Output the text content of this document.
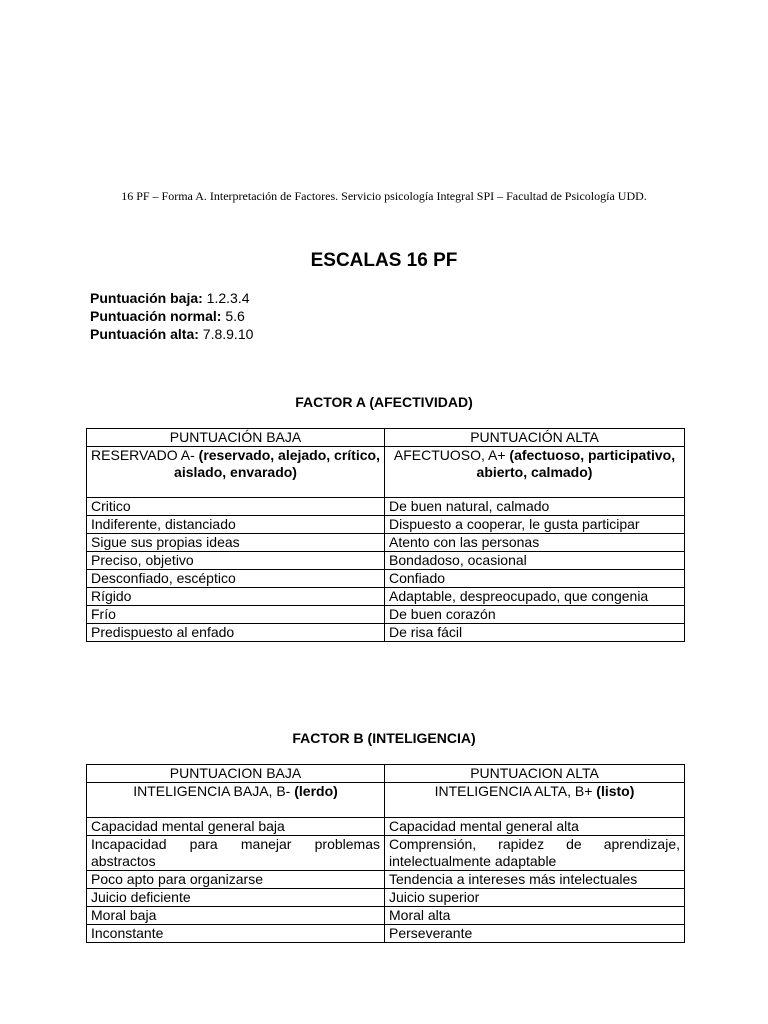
16 PF – Forma A. Interpretación de Factores. Servicio psicología Integral SPI – Facultad de Psicología UDD.
ESCALAS 16 PF
Puntuación baja: 1.2.3.4
Puntuación normal: 5.6
Puntuación alta: 7.8.9.10
FACTOR A (AFECTIVIDAD)
PUNTUACIÓN BAJA	PUNTUACIÓN ALTA
RESERVADO A- (reservado, alejado, crítico, aislado, envarado)	AFECTUOSO, A+ (afectuoso, participativo, abierto, calmado)
Critico	De buen natural, calmado
Indiferente, distanciado	Dispuesto a cooperar, le gusta participar
Sigue sus propias ideas	Atento con las personas
Preciso, objetivo	Bondadoso, ocasional
Desconfiado, escéptico	Confiado
Rígido	Adaptable, despreocupado, que congenia
Frío	De buen corazón
Predispuesto al enfado	De risa fácil
FACTOR B (INTELIGENCIA)
PUNTUACION BAJA	PUNTUACION ALTA
INTELIGENCIA BAJA, B- (lerdo)	INTELIGENCIA ALTA, B+ (listo)
Capacidad mental general baja	Capacidad mental general alta
Incapacidad para manejar problemas abstractos	Comprensión, rapidez de aprendizaje, intelectualmente adaptable
Poco apto para organizarse	Tendencia a intereses más intelectuales
Juicio deficiente	Juicio superior
Moral baja	Moral alta
Inconstante	Perseverante
